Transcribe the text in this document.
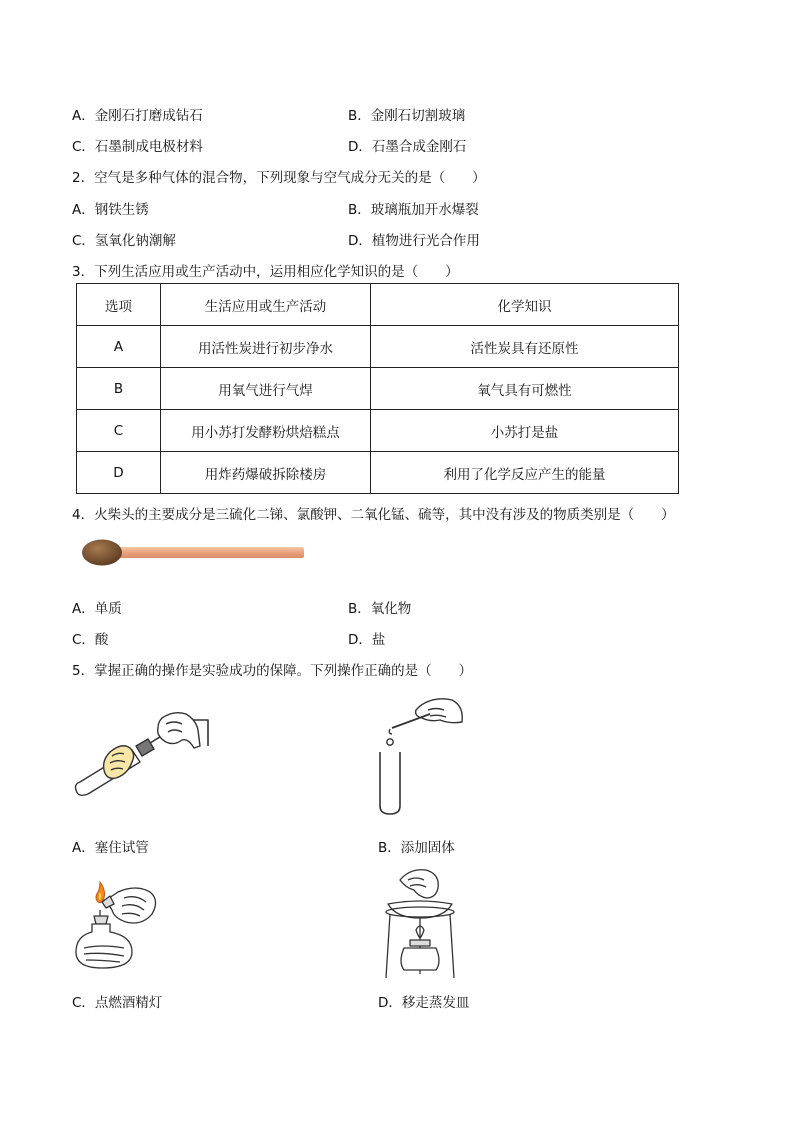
A．金刚石打磨成钻石	B．金刚石切割玻璃
C．石墨制成电极材料	D．石墨合成金刚石
2．空气是多种气体的混合物，下列现象与空气成分无关的是（　　）
A．钢铁生锈	B．玻璃瓶加开水爆裂
C．氢氧化钠潮解	D．植物进行光合作用
3．下列生活应用或生产活动中，运用相应化学知识的是（　　）
选项	生活应用或生产活动	化学知识
A	用活性炭进行初步净水	活性炭具有还原性
B	用氧气进行气焊	氧气具有可燃性
C	用小苏打发酵粉烘焙糕点	小苏打是盐
D	用炸药爆破拆除楼房	利用了化学反应产生的能量
4．火柴头的主要成分是三硫化二锑、氯酸钾、二氧化锰、硫等，其中没有涉及的物质类别是（　　）
A．单质	B．氧化物
C．酸	D．盐
5．掌握正确的操作是实验成功的保障。下列操作正确的是（　　）
A．塞住试管	B．添加固体
C．点燃酒精灯	D．移走蒸发皿
